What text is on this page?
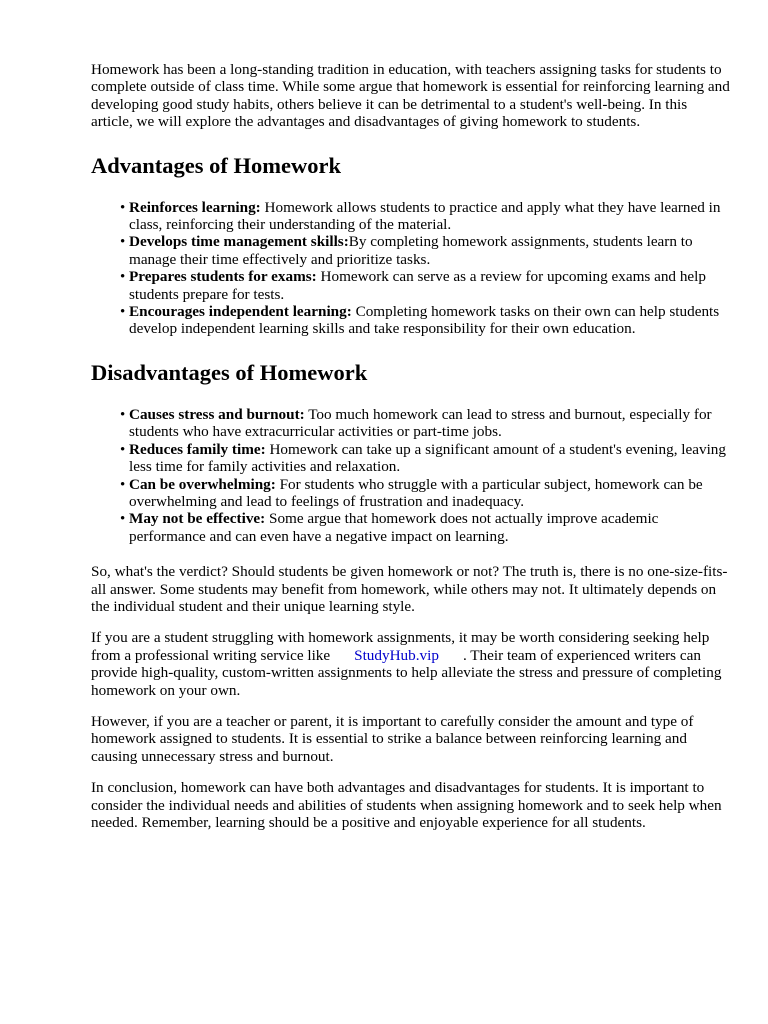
Homework has been a long-standing tradition in education, with teachers assigning tasks for students to complete outside of class time. While some argue that homework is essential for reinforcing learning and developing good study habits, others believe it can be detrimental to a student's well-being. In this article, we will explore the advantages and disadvantages of giving homework to students.

Advantages of Homework
• Reinforces learning: Homework allows students to practice and apply what they have learned in class, reinforcing their understanding of the material.
• Develops time management skills:By completing homework assignments, students learn to manage their time effectively and prioritize tasks.
• Prepares students for exams: Homework can serve as a review for upcoming exams and help students prepare for tests.
• Encourages independent learning: Completing homework tasks on their own can help students develop independent learning skills and take responsibility for their own education.
Disadvantages of Homework
• Causes stress and burnout: Too much homework can lead to stress and burnout, especially for students who have extracurricular activities or part-time jobs.
• Reduces family time: Homework can take up a significant amount of a student's evening, leaving less time for family activities and relaxation.
• Can be overwhelming: For students who struggle with a particular subject, homework can be overwhelming and lead to feelings of frustration and inadequacy.
• May not be effective: Some argue that homework does not actually improve academic performance and can even have a negative impact on learning.

So, what's the verdict? Should students be given homework or not? The truth is, there is no one-size-fits-all answer. Some students may benefit from homework, while others may not. It ultimately depends on the individual student and their unique learning style.

If you are a student struggling with homework assignments, it may be worth considering seeking help from a professional writing service like StudyHub.vip . Their team of experienced writers can provide high-quality, custom-written assignments to help alleviate the stress and pressure of completing homework on your own.

However, if you are a teacher or parent, it is important to carefully consider the amount and type of homework assigned to students. It is essential to strike a balance between reinforcing learning and causing unnecessary stress and burnout.

In conclusion, homework can have both advantages and disadvantages for students. It is important to consider the individual needs and abilities of students when assigning homework and to seek help when needed. Remember, learning should be a positive and enjoyable experience for all students.
